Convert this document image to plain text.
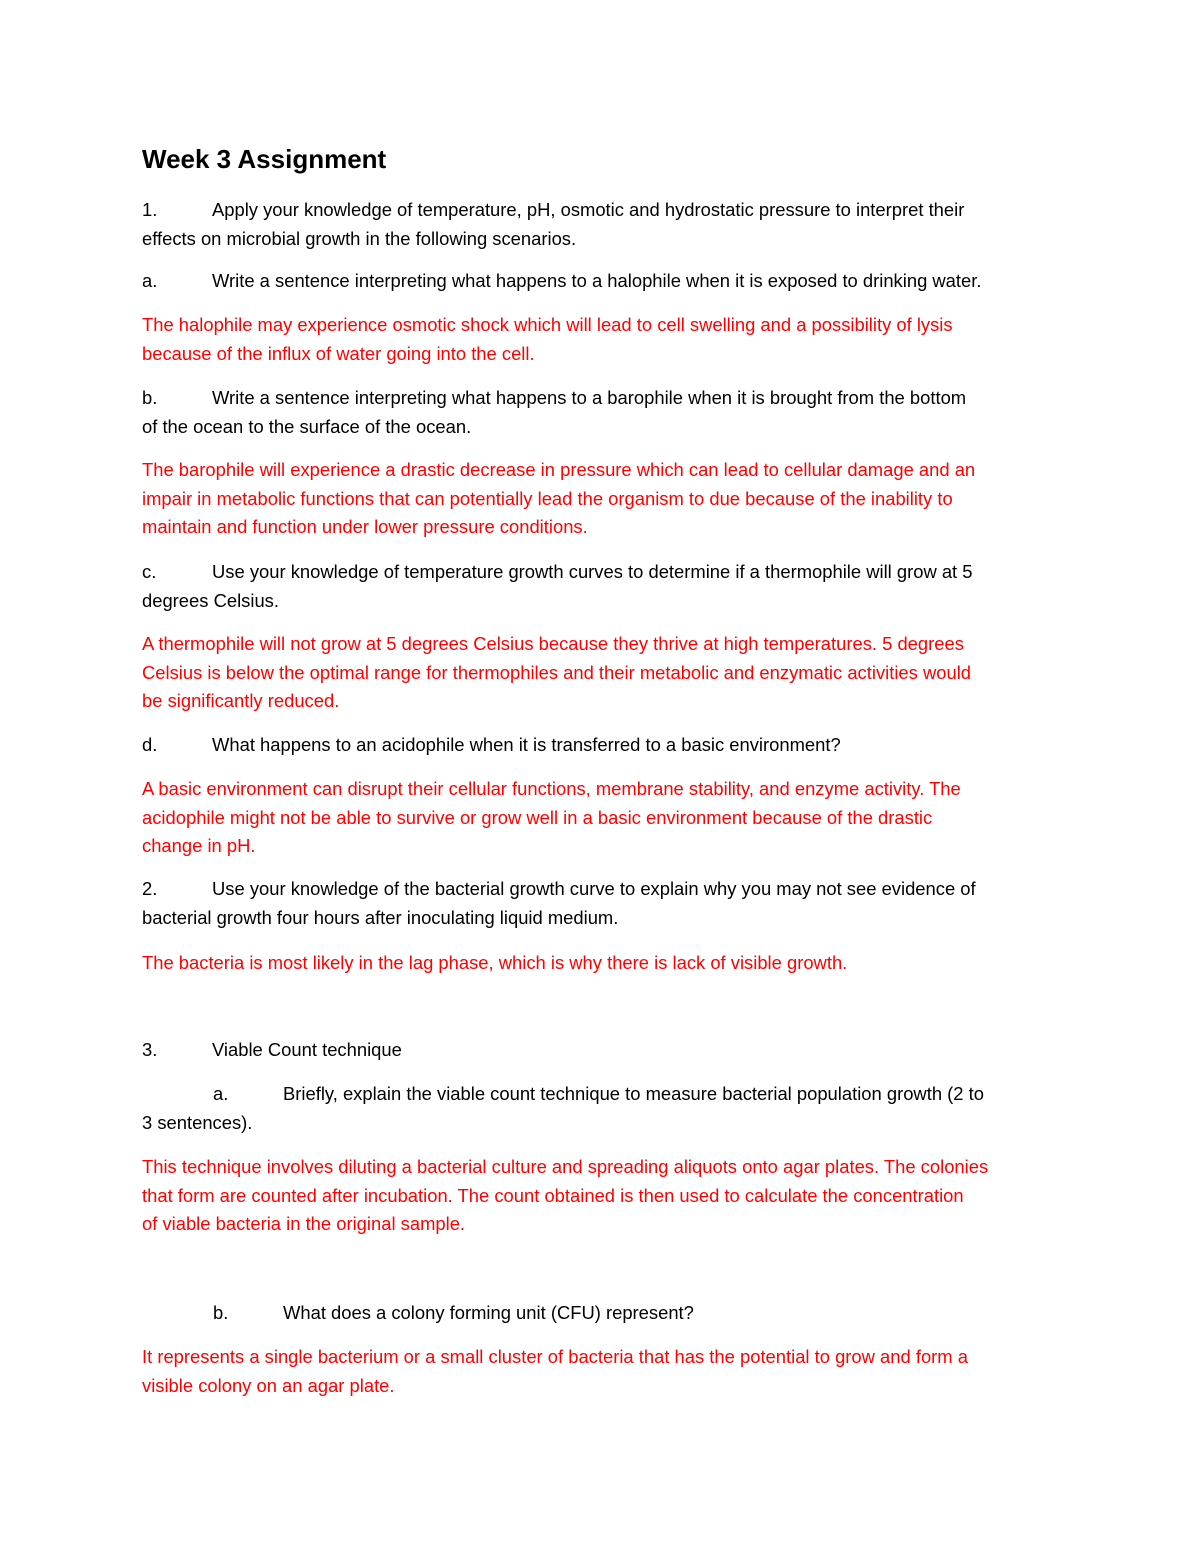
Week 3 Assignment
1.	Apply your knowledge of temperature, pH, osmotic and hydrostatic pressure to interpret their
effects on microbial growth in the following scenarios.
a.	Write a sentence interpreting what happens to a halophile when it is exposed to drinking water.
The halophile may experience osmotic shock which will lead to cell swelling and a possibility of lysis
because of the influx of water going into the cell.
b.	Write a sentence interpreting what happens to a barophile when it is brought from the bottom
of the ocean to the surface of the ocean.
The barophile will experience a drastic decrease in pressure which can lead to cellular damage and an
impair in metabolic functions that can potentially lead the organism to due because of the inability to
maintain and function under lower pressure conditions.
c.	Use your knowledge of temperature growth curves to determine if a thermophile will grow at 5
degrees Celsius.
A thermophile will not grow at 5 degrees Celsius because they thrive at high temperatures. 5 degrees
Celsius is below the optimal range for thermophiles and their metabolic and enzymatic activities would
be significantly reduced.
d.	What happens to an acidophile when it is transferred to a basic environment?
A basic environment can disrupt their cellular functions, membrane stability, and enzyme activity. The
acidophile might not be able to survive or grow well in a basic environment because of the drastic
change in pH.
2.	Use your knowledge of the bacterial growth curve to explain why you may not see evidence of
bacterial growth four hours after inoculating liquid medium.
The bacteria is most likely in the lag phase, which is why there is lack of visible growth.
3.	Viable Count technique
a.	Briefly, explain the viable count technique to measure bacterial population growth (2 to
3 sentences).
This technique involves diluting a bacterial culture and spreading aliquots onto agar plates. The colonies
that form are counted after incubation. The count obtained is then used to calculate the concentration
of viable bacteria in the original sample.
b.	What does a colony forming unit (CFU) represent?
It represents a single bacterium or a small cluster of bacteria that has the potential to grow and form a
visible colony on an agar plate.
